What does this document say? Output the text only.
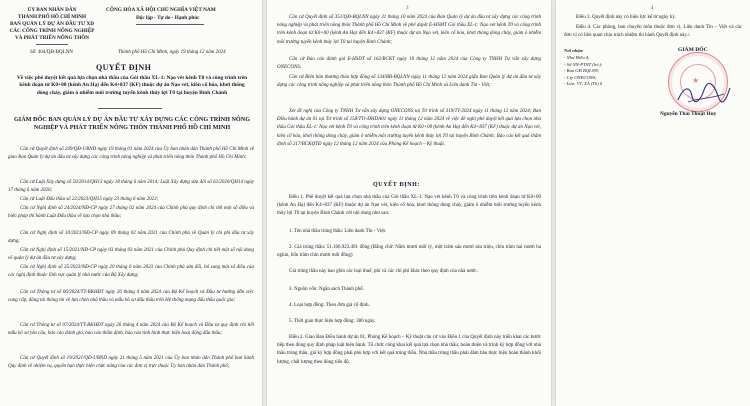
ỦY BAN NHÂN DÂN
THÀNH PHỐ HỒ CHÍ MINH
BAN QUẢN LÝ DỰ ÁN ĐẦU TƯ XD
CÁC CÔNG TRÌNH NÔNG NGHIỆP
VÀ PHÁT TRIỂN NÔNG THÔN
Số: 404/QĐ-BQLNN
CỘNG HÒA XÃ HỘI CHỦ NGHĨA VIỆT NAM
Độc lập - Tự do - Hạnh phúc
Thành phố Hồ Chí Minh, ngày 19 tháng 12 năm 2024
QUYẾT ĐỊNH
Về việc phê duyệt kết quả lựa chọn nhà thầu của Gói thầu XL-1: Nạo vét kênh T0 và công trình trên kênh đoạn từ K0+00 (kênh An Hạ) đến K4+837 (KF) thuộc dự án Nạo vét, kiên cố hóa, khơi thông dòng chảy, giảm ô nhiễm môi trường tuyến kênh thủy lợi T0 tại huyện Bình Chánh
GIÁM ĐỐC BAN QUẢN LÝ DỰ ÁN ĐẦU TƯ XÂY DỰNG CÁC CÔNG TRÌNH NÔNG NGHIỆP VÀ PHÁT TRIỂN NÔNG THÔN THÀNH PHỐ HỒ CHÍ MINH
Căn cứ Quyết định số 249/QĐ-UBND ngày 19 tháng 01 năm 2024 của Ủy ban nhân dân Thành phố Hồ Chí Minh về giao Ban Quản lý dự án đầu tư xây dựng các công trình nông nghiệp và phát triển nông thôn Thành phố Hồ Chí Minh;
Căn cứ Luật Xây dựng số 50/2014/QH13 ngày 18 tháng 6 năm 2014; Luật Xây dựng sửa đổi số 62/2020/QH14 ngày 17 tháng 6 năm 2020;
Căn cứ Luật Đấu thầu số 22/2023/QH15 ngày 23 tháng 6 năm 2023;
Căn cứ Nghị định số 24/2024/NĐ-CP ngày 27 tháng 02 năm 2024 của Chính phủ quy định chi tiết một số điều và biện pháp thi hành Luật Đấu thầu về lựa chọn nhà thầu;
Căn cứ Nghị định số 10/2021/NĐ-CP ngày 09 tháng 02 năm 2021 của Chính phủ về Quản lý chi phí đầu tư xây dựng;
Căn cứ Nghị định số 15/2021/NĐ-CP ngày 03 tháng 03 năm 2021 của Chính phủ Quy định chi tiết một số nội dung về quản lý dự án đầu tư xây dựng;
Căn cứ Nghị định số 35/2023/NĐ-CP ngày 20 tháng 6 năm 2023 của Chính phủ sửa đổi, bổ sung một số điều của các nghị định thuộc lĩnh vực quản lý nhà nước của Bộ Xây dựng;
Căn cứ Thông tư số 06/2024/TT-BKHĐT ngày 26 tháng 4 năm 2024 của Bộ Kế hoạch và Đầu tư hướng dẫn việc cung cấp, đăng tải thông tin về lựa chọn nhà thầu và mẫu hồ sơ đấu thầu trên Hệ thống mạng đấu thầu quốc gia;
Căn cứ Thông tư số 07/2024/TT-BKHĐT ngày 26 tháng 4 năm 2024 của Bộ Kế hoạch và Đầu tư quy định chi tiết mẫu hồ sơ yêu cầu, báo cáo đánh giá, báo cáo thẩm định, báo cáo tình hình thực hiện hoạt động đấu thầu;
Căn cứ Quyết định số 19/2021/QĐ-UBND ngày 21 tháng 5 năm 2021 của Ủy ban nhân dân Thành phố ban hành Quy định về nhiệm vụ, quyền hạn thực hiện chức năng của các đơn vị trực thuộc Ủy ban nhân dân Thành phố;
3
Căn cứ Quyết định số 351/QĐ-BQLNN ngày 31 tháng 10 năm 2024 của Ban Quản lý dự án đầu tư xây dựng các công trình nông nghiệp và phát triển nông thôn Thành phố Hồ Chí Minh về phê duyệt E-HSMT Gói thầu XL-1: Nạo vét kênh T0 và công trình trên kênh đoạn từ K0+00 (kênh An Hạ) đến K4+837 (KF) thuộc dự án Nạo vét, kiên cố hóa, khơi thông dòng chảy, giảm ô nhiễm môi trường tuyến kênh thủy lợi T0 tại huyện Bình Chánh;
Căn cứ Báo cáo đánh giá E-HSDT số 162/BCKT ngày 10 tháng 12 năm 2024 của Công ty TNHH Tư vấn xây dựng ONECONS;
Căn cứ Biên bản thương thảo hợp đồng số 134/BB-BQLNN ngày 11 tháng 12 năm 2024 giữa Ban Quản lý dự án đầu tư xây dựng các công trình nông nghiệp và phát triển nông thôn Thành phố Hồ Chí Minh và Liên danh Tín - Việt;
Xét đề nghị của Công ty TNHH Tư vấn xây dựng ONECONS tại Tờ trình số 319/TT-2024 ngày 11 tháng 12 năm 2024; Ban Điều hành dự án 01 tại Tờ trình số 158/TTr-ĐHDA01 ngày 11 tháng 12 năm 2024 về việc đề nghị phê duyệt kết quả lựa chọn nhà thầu Gói thầu XL-1: Nạo vét kênh T0 và công trình trên kênh đoạn từ K0+00 (kênh An Hạ) đến K4+837 (KF) thuộc dự án Nạo vét, kiên cố hóa, khơi thông dòng chảy, giảm ô nhiễm môi trường tuyến kênh thủy lợi T0 tại huyện Bình Chánh; Báo cáo kết quả thẩm định số 217/BCKQTĐ ngày 12 tháng 12 năm 2024 của Phòng Kế hoạch – Kỹ thuật.
QUYẾT ĐỊNH:
Điều 1. Phê duyệt kết quả lựa chọn nhà thầu của Gói thầu XL-1: Nạo vét kênh T0 và công trình trên kênh đoạn từ K0+00 (kênh An Hạ) đến K4+837 (KF) thuộc dự án Nạo vét, kiên cố hóa, khơi thông dòng chảy, giảm ô nhiễm môi trường tuyến kênh thủy lợi T0 tại huyện Bình Chánh với nội dung như sau:
1. Tên nhà thầu trúng thầu: Liên danh Tín - Việt.
2. Giá trúng thầu: 51.166.923.491 đồng (Bằng chữ: Năm mươi mốt tỷ, một trăm sáu mươi sáu triệu, chín trăm hai mươi ba nghìn, bốn trăm chín mươi mốt đồng)
Giá trúng thầu này bao gồm các loại thuế, phí và các chi phí khác theo quy định của nhà nước.
3. Nguồn vốn: Ngân sách Thành phố.
4. Loại hợp đồng: Theo đơn giá cố định.
5. Thời gian thực hiện hợp đồng: 380 ngày.
Điều 2. Giao Ban Điều hành dự án 01, Phòng Kế hoạch – Kỹ thuật căn cứ vào Điều 1 của Quyết định này triển khai các bước tiếp theo đúng quy định pháp luật hiện hành. Tổ chức công khai kết quả lựa chọn nhà thầu; hoàn thiện và trình ký hợp đồng với nhà thầu trúng thầu, giá ký hợp đồng phải phù hợp với kết quả trúng thầu. Nhà thầu trúng thầu phải đảm bảo thực hiện hoàn thành khối lượng, chất lượng theo đúng tiến độ.
4
Điều 3. Quyết định này có hiệu lực kể từ ngày ký.
Điều 4. Các phòng, ban chuyên môn thuộc đơn vị, Liên danh Tín – Việt và các đơn vị có liên quan chịu trách nhiệm thi hành Quyết định này./.
Nơi nhận:
- Như Điều 4;
- Sở NN-PTNT (b/c);
- Ban GĐ BQLNN;
- Cty ONECONS;
- Lưu: VT, XA (Th) 0	★
GIÁM ĐỐC
Nguyễn Thái Thuật Huy
